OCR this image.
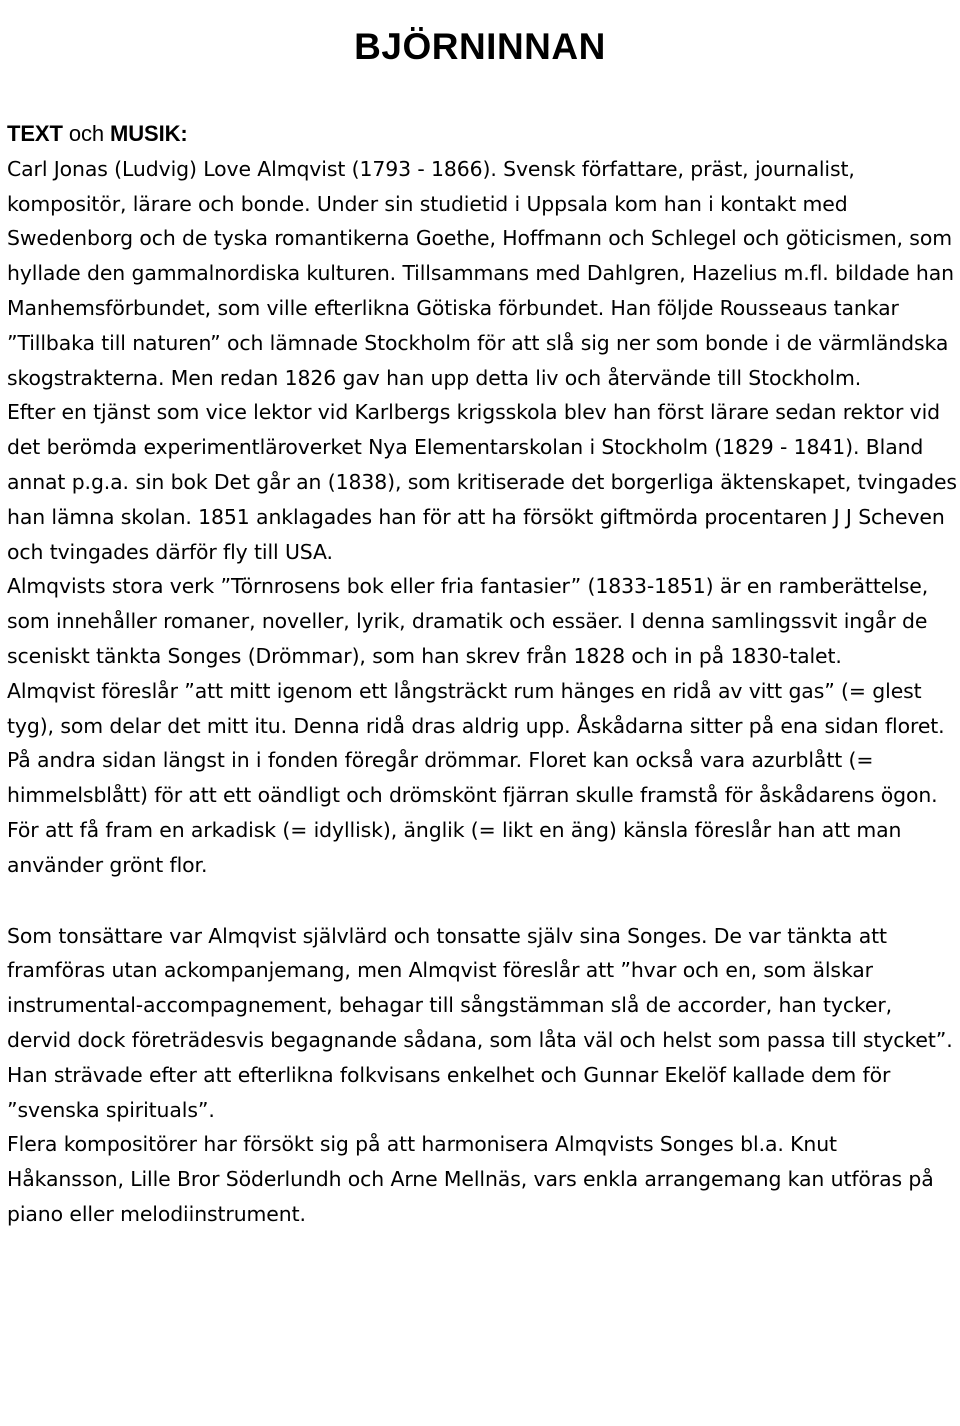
BJÖRNINNAN
TEXT och MUSIK:

Carl Jonas (Ludvig) Love Almqvist (1793 - 1866). Svensk författare, präst, journalist, kompositör, lärare och bonde. Under sin studietid i Uppsala kom han i kontakt med Swedenborg och de tyska romantikerna Goethe, Hoffmann och Schlegel och göticismen, som hyllade den gammalnordiska kulturen. Tillsammans med Dahlgren, Hazelius m.fl. bildade han Manhemsförbundet, som ville efterlikna Götiska förbundet. Han följde Rousseaus tankar ”Tillbaka till naturen” och lämnade Stockholm för att slå sig ner som bonde i de värmländska skogstrakterna. Men redan 1826 gav han upp detta liv och återvände till Stockholm.

Efter en tjänst som vice lektor vid Karlbergs krigsskola blev han först lärare sedan rektor vid det berömda experimentläroverket Nya Elementarskolan i Stockholm (1829 - 1841). Bland annat p.g.a. sin bok Det går an (1838), som kritiserade det borgerliga äktenskapet, tvingades han lämna skolan. 1851 anklagades han för att ha försökt giftmörda procentaren J J Scheven och tvingades därför fly till USA.

Almqvists stora verk ”Törnrosens bok eller fria fantasier” (1833-1851) är en ramberättelse, som innehåller romaner, noveller, lyrik, dramatik och essäer. I denna samlingssvit ingår de sceniskt tänkta Songes (Drömmar), som han skrev från 1828 och in på 1830-talet.

Almqvist föreslår ”att mitt igenom ett långsträckt rum hänges en ridå av vitt gas” (= glest tyg), som delar det mitt itu. Denna ridå dras aldrig upp. Åskådarna sitter på ena sidan floret. På andra sidan längst in i fonden föregår drömmar. Floret kan också vara azurblått (= himmelsblått) för att ett oändligt och drömskönt fjärran skulle framstå för åskådarens ögon. För att få fram en arkadisk (= idyllisk), änglik (= likt en äng) känsla föreslår han att man använder grönt flor.

Som tonsättare var Almqvist självlärd och tonsatte själv sina Songes. De var tänkta att framföras utan ackompanjemang, men Almqvist föreslår att ”hvar och en, som älskar instrumental-accompagnement, behagar till sångstämman slå de accorder, han tycker, dervid dock företrädesvis begagnande sådana, som låta väl och helst som passa till stycket”. Han strävade efter att efterlikna folkvisans enkelhet och Gunnar Ekelöf kallade dem för ”svenska spirituals”.

Flera kompositörer har försökt sig på att harmonisera Almqvists Songes bl.a. Knut Håkansson, Lille Bror Söderlundh och Arne Mellnäs, vars enkla arrangemang kan utföras på piano eller melodiinstrument.
